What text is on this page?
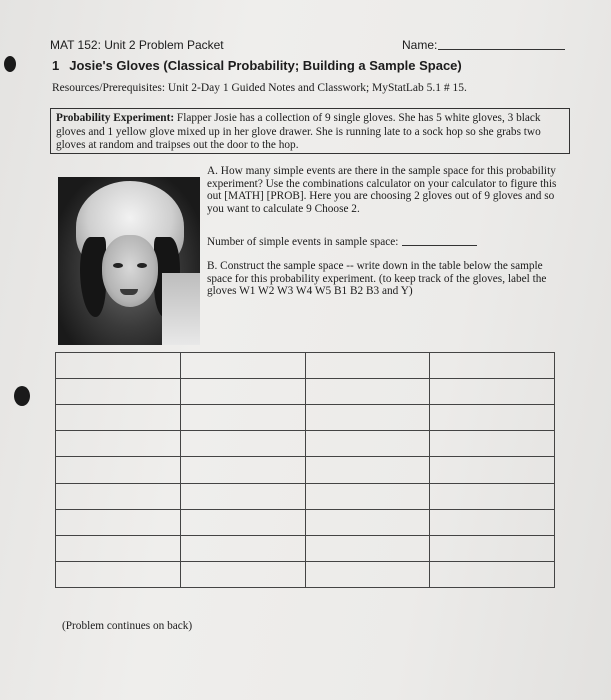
MAT 152: Unit 2 Problem Packet	Name:
1 Josie's Gloves (Classical Probability; Building a Sample Space)
Resources/Prerequisites: Unit 2-Day 1 Guided Notes and Classwork; MyStatLab 5.1 # 15.
Probability Experiment: Flapper Josie has a collection of 9 single gloves. She has 5 white gloves, 3 black gloves and 1 yellow glove mixed up in her glove drawer. She is running late to a sock hop so she grabs two gloves at random and traipses out the door to the hop.

A. How many simple events are there in the sample space for this probability experiment? Use the combinations calculator on your calculator to figure this out [MATH] [PROB]. Here you are choosing 2 gloves out of 9 gloves and so you want to calculate 9 Choose 2.

Number of simple events in sample space:

B. Construct the sample space -- write down in the table below the sample space for this probability experiment. (to keep track of the gloves, label the gloves W1 W2 W3 W4 W5 B1 B2 B3 and Y)

(Problem continues on back)
